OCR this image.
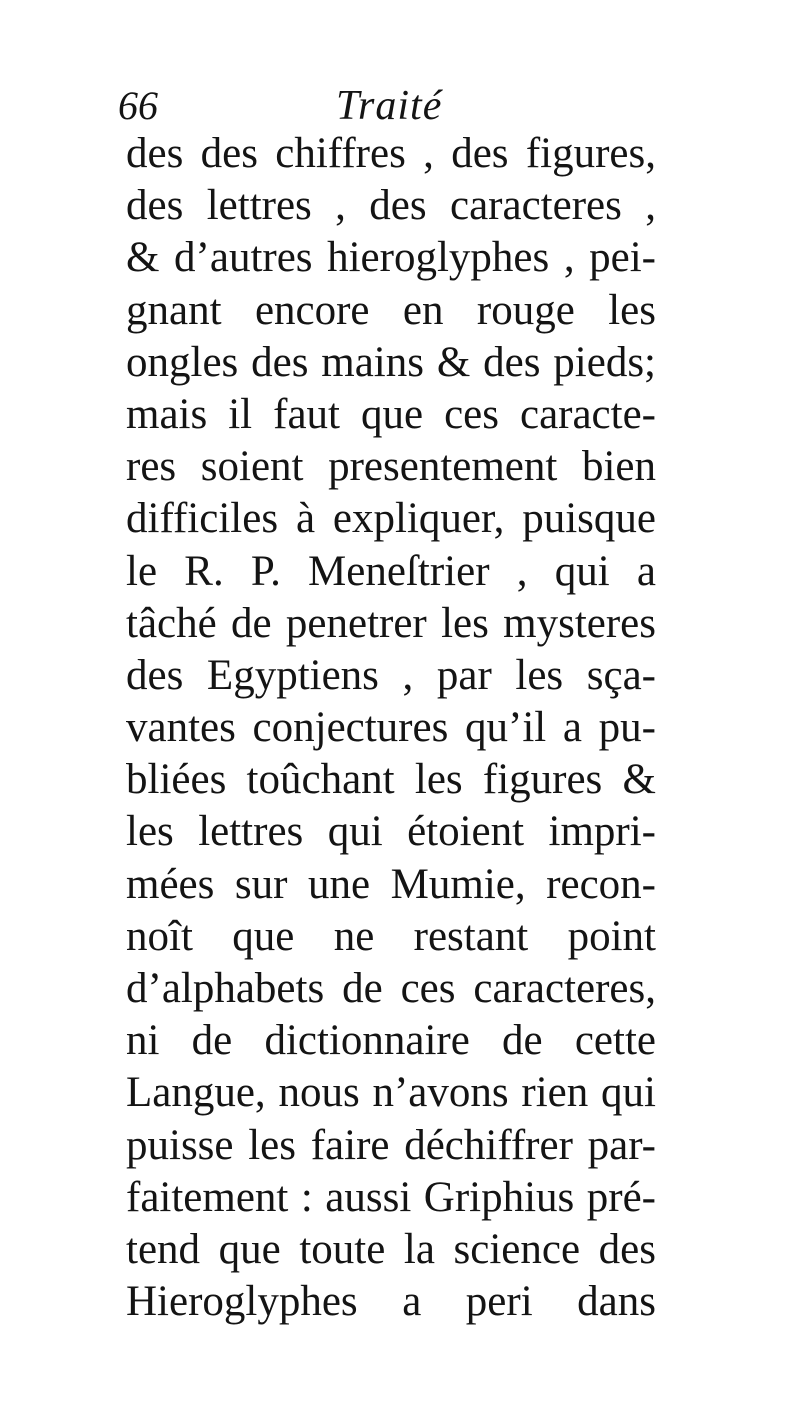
66	Traité
des des chiffres , des figures,
des lettres , des caracteres ,
& d’autres hieroglyphes , pei-
gnant encore en rouge les
ongles des mains & des pieds;
mais il faut que ces caracte-
res soient presentement bien
difficiles à expliquer, puisque
le R. P. Meneſtrier , qui a
tâché de penetrer les mysteres
des Egyptiens , par les sça-
vantes conjectures qu’il a pu-
bliées toûchant les figures &
les lettres qui étoient impri-
mées sur une Mumie, recon-
noît que ne restant point
d’alphabets de ces caracteres,
ni de dictionnaire de cette
Langue, nous n’avons rien qui
puisse les faire déchiffrer par-
faitement : aussi Griphius pré-
tend que toute la science des
Hieroglyphes a peri dans
